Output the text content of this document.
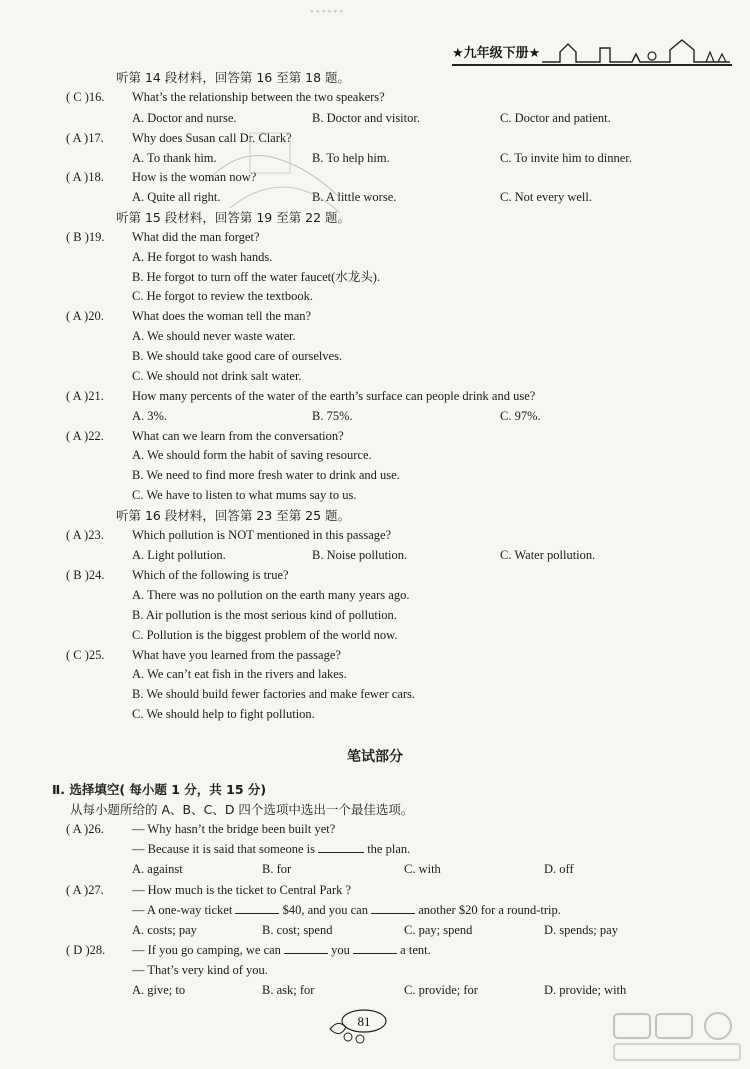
••••••
★九年级下册★
听第 14 段材料，回答第 16 至第 18 题。
( C )16.	What’s the relationship between the two speakers?
A. Doctor and nurse.	B. Doctor and visitor.	C. Doctor and patient.
( A )17.	Why does Susan call Dr. Clark?
A. To thank him.	B. To help him.	C. To invite him to dinner.
( A )18.	How is the woman now?
A. Quite all right.	B. A little worse.	C. Not every well.
听第 15 段材料，回答第 19 至第 22 题。
( B )19.	What did the man forget?
A. He forgot to wash hands.
B. He forgot to turn off the water faucet(水龙头).
C. He forgot to review the textbook.
( A )20.	What does the woman tell the man?
A. We should never waste water.
B. We should take good care of ourselves.
C. We should not drink salt water.
( A )21.	How many percents of the water of the earth’s surface can people drink and use?
A. 3%.	B. 75%.	C. 97%.
( A )22.	What can we learn from the conversation?
A. We should form the habit of saving resource.
B. We need to find more fresh water to drink and use.
C. We have to listen to what mums say to us.
听第 16 段材料，回答第 23 至第 25 题。
( A )23.	Which pollution is NOT mentioned in this passage?
A. Light pollution.	B. Noise pollution.	C. Water pollution.
( B )24.	Which of the following is true?
A. There was no pollution on the earth many years ago.
B. Air pollution is the most serious kind of pollution.
C. Pollution is the biggest problem of the world now.
( C )25.	What have you learned from the passage?
A. We can’t eat fish in the rivers and lakes.
B. We should build fewer factories and make fewer cars.
C. We should help to fight pollution.
笔试部分
Ⅱ. 选择填空( 每小题 1 分，共 15 分)
从每小题所给的 A、B、C、D 四个选项中选出一个最佳选项。
( A )26.	— Why hasn’t the bridge been built yet?
— Because it is said that someone is	the plan.
A. against	B. for	C. with	D. off
( A )27.	— How much is the ticket to Central Park ?
— A one-way ticket	$40, and you can	another $20 for a round-trip.
A. costs; pay	B. cost; spend	C. pay; spend	D. spends; pay
( D )28.	— If you go camping, we can	you	a tent.
— That’s very kind of you.
A. give; to	B. ask; for	C. provide; for	D. provide; with
81
